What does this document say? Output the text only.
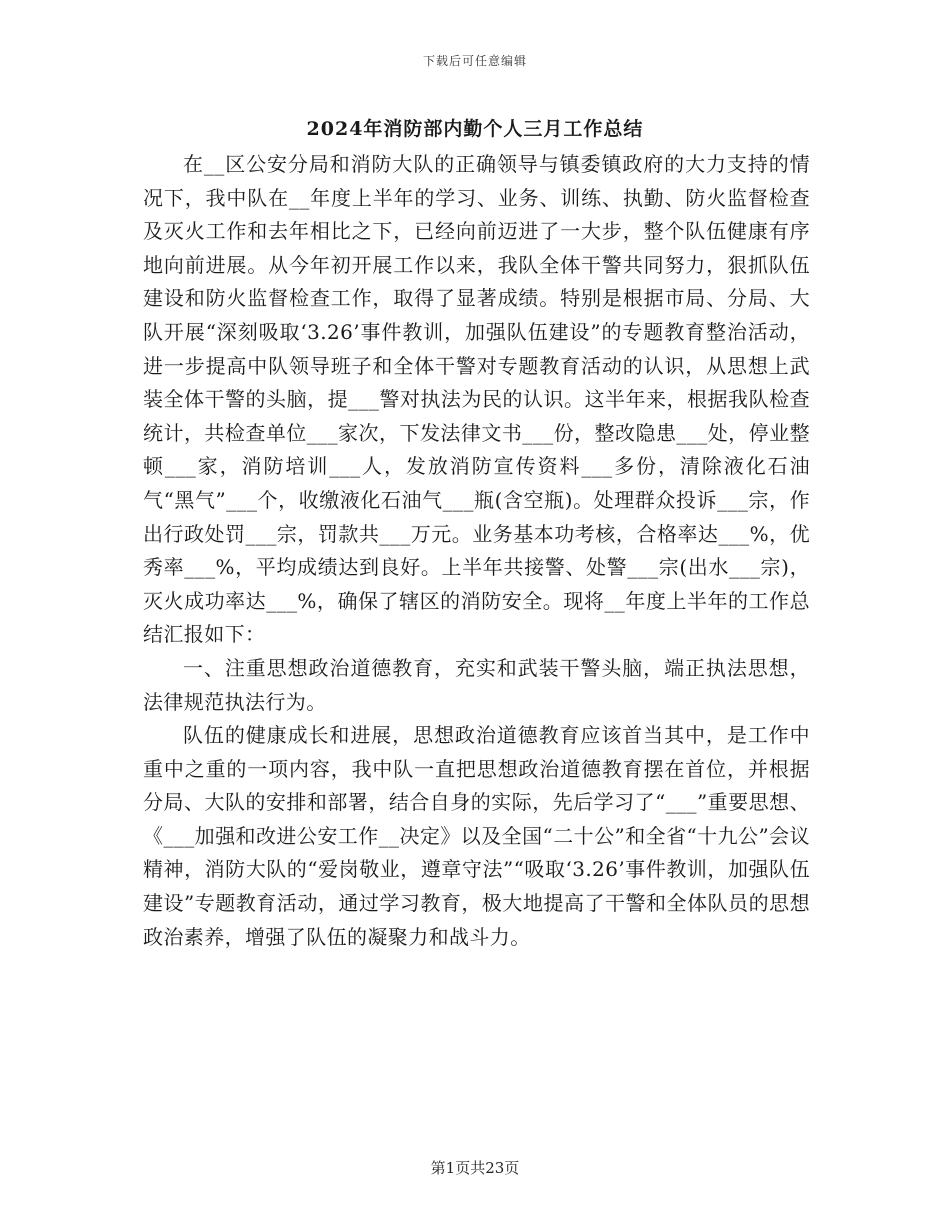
下载后可任意编辑
2024年消防部内勤个人三月工作总结

在__区公安分局和消防大队的正确领导与镇委镇政府的大力支持的情况下，我中队在__年度上半年的学习、业务、训练、执勤、防火监督检查及灭火工作和去年相比之下，已经向前迈进了一大步，整个队伍健康有序地向前进展。从今年初开展工作以来，我队全体干警共同努力，狠抓队伍建设和防火监督检查工作，取得了显著成绩。特别是根据市局、分局、大队开展“深刻吸取‘3.26’事件教训，加强队伍建设”的专题教育整治活动，进一步提高中队领导班子和全体干警对专题教育活动的认识，从思想上武装全体干警的头脑，提___警对执法为民的认识。这半年来，根据我队检查统计，共检查单位___家次，下发法律文书___份，整改隐患___处，停业整顿___家，消防培训___人，发放消防宣传资料___多份，清除液化石油气“黑气”___个，收缴液化石油气___瓶(含空瓶)。处理群众投诉___宗，作出行政处罚___宗，罚款共___万元。业务基本功考核，合格率达___%，优秀率___%，平均成绩达到良好。上半年共接警、处警___宗(出水___宗)，灭火成功率达___%，确保了辖区的消防安全。现将__年度上半年的工作总结汇报如下：

一、注重思想政治道德教育，充实和武装干警头脑，端正执法思想，法律规范执法行为。

队伍的健康成长和进展，思想政治道德教育应该首当其中，是工作中重中之重的一项内容，我中队一直把思想政治道德教育摆在首位，并根据分局、大队的安排和部署，结合自身的实际，先后学习了“___”重要思想、《___加强和改进公安工作__决定》以及全国“二十公”和全省“十九公”会议精神，消防大队的“爱岗敬业，遵章守法”“吸取‘3.26’事件教训，加强队伍建设”专题教育活动，通过学习教育，极大地提高了干警和全体队员的思想政治素养，增强了队伍的凝聚力和战斗力。

第1页共23页
